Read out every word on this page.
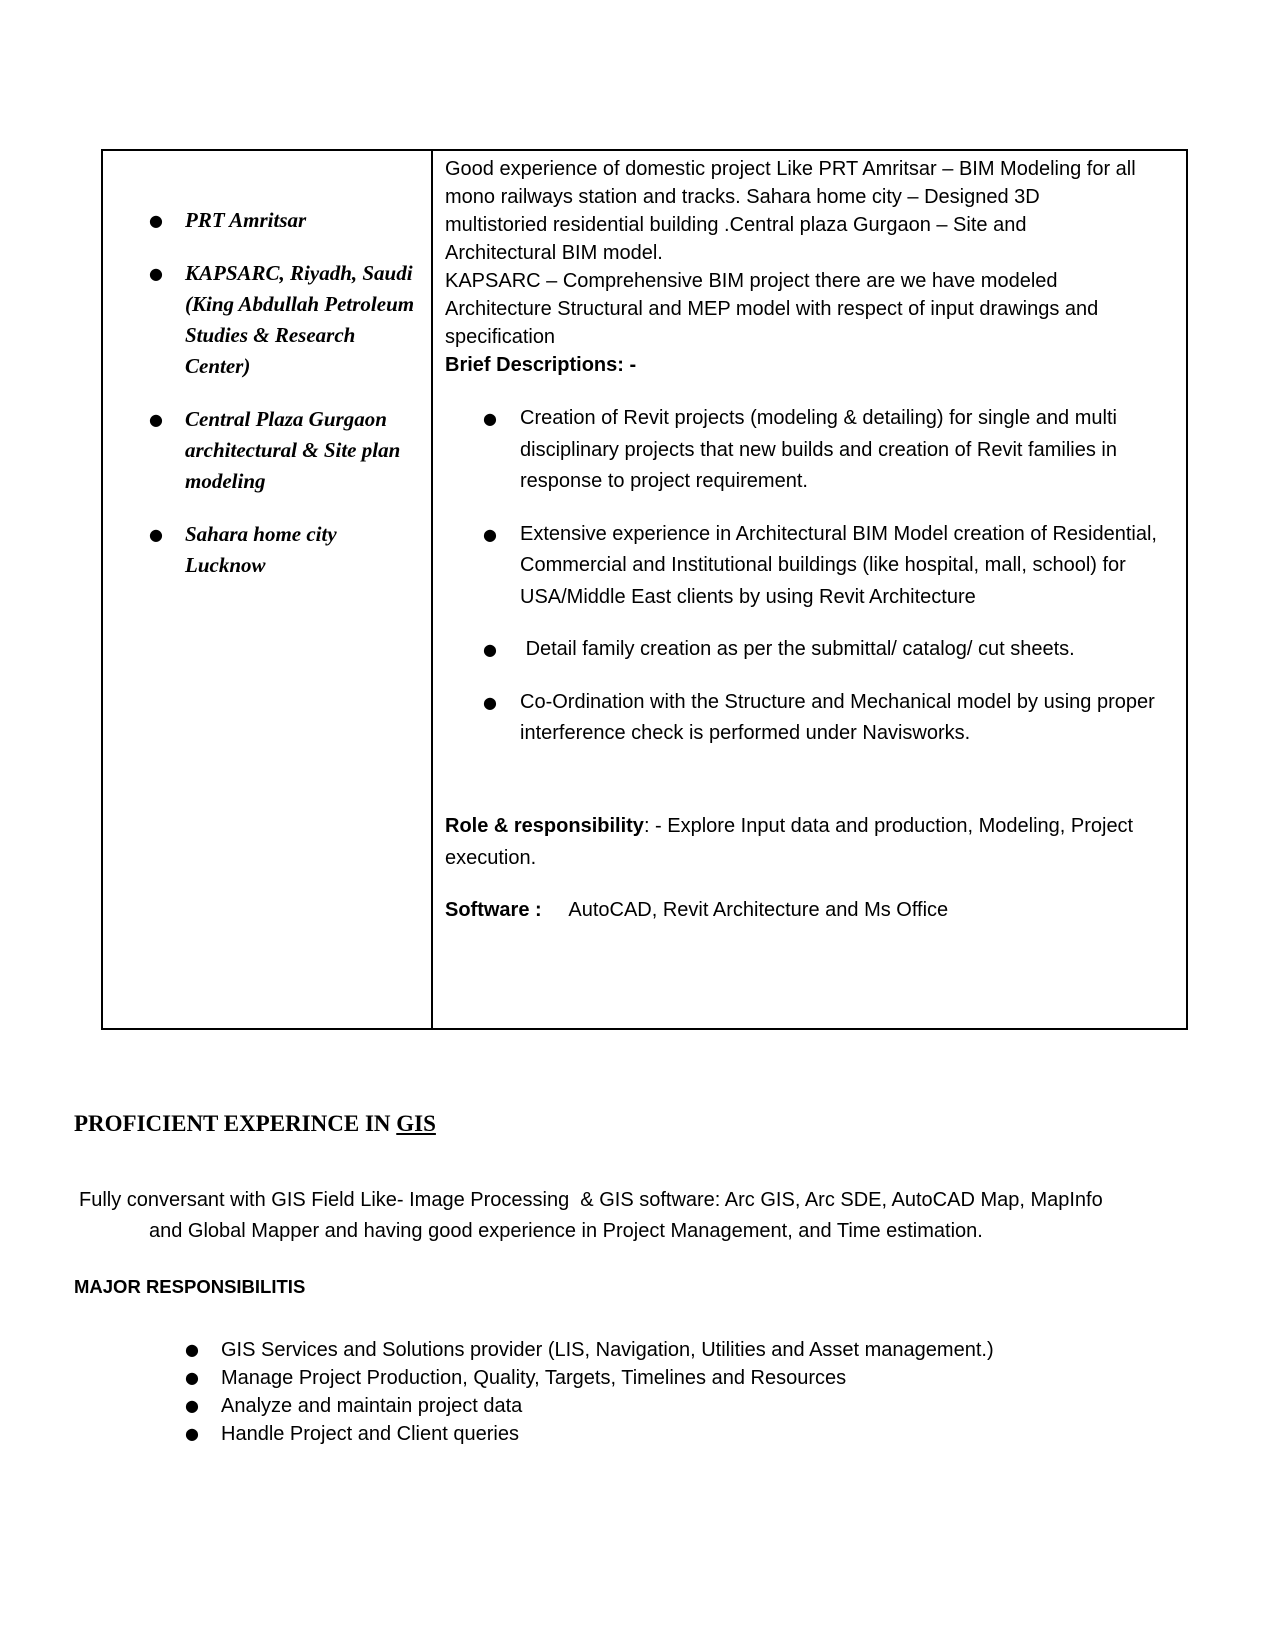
● PRT Amritsar
● KAPSARC, Riyadh, Saudi (King Abdullah Petroleum Studies & Research Center)
● Central Plaza Gurgaon architectural & Site plan modeling
● Sahara home city Lucknow
Good experience of domestic project Like PRT Amritsar – BIM Modeling for all
mono railways station and tracks. Sahara home city – Designed 3D
multistoried residential building .Central plaza Gurgaon – Site and
Architectural BIM model.
KAPSARC – Comprehensive BIM project there are we have modeled
Architecture Structural and MEP model with respect of input drawings and
specification
Brief Descriptions: -
● Creation of Revit projects (modeling & detailing) for single and multi disciplinary projects that new builds and creation of Revit families in response to project requirement.
● Extensive experience in Architectural BIM Model creation of Residential, Commercial and Institutional buildings (like hospital, mall, school) for USA/Middle East clients by using Revit Architecture
● Detail family creation as per the submittal/ catalog/ cut sheets.
● Co-Ordination with the Structure and Mechanical model by using proper interference check is performed under Navisworks.
Role & responsibility: - Explore Input data and production, Modeling, Project execution.
Software : AutoCAD, Revit Architecture and Ms Office
PROFICIENT EXPERINCE IN GIS
Fully conversant with GIS Field Like- Image Processing  & GIS software: Arc GIS, Arc SDE, AutoCAD Map, MapInfo
and Global Mapper and having good experience in Project Management, and Time estimation.
MAJOR RESPONSIBILITIS
● GIS Services and Solutions provider (LIS, Navigation, Utilities and Asset management.)
● Manage Project Production, Quality, Targets, Timelines and Resources
● Analyze and maintain project data
● Handle Project and Client queries
